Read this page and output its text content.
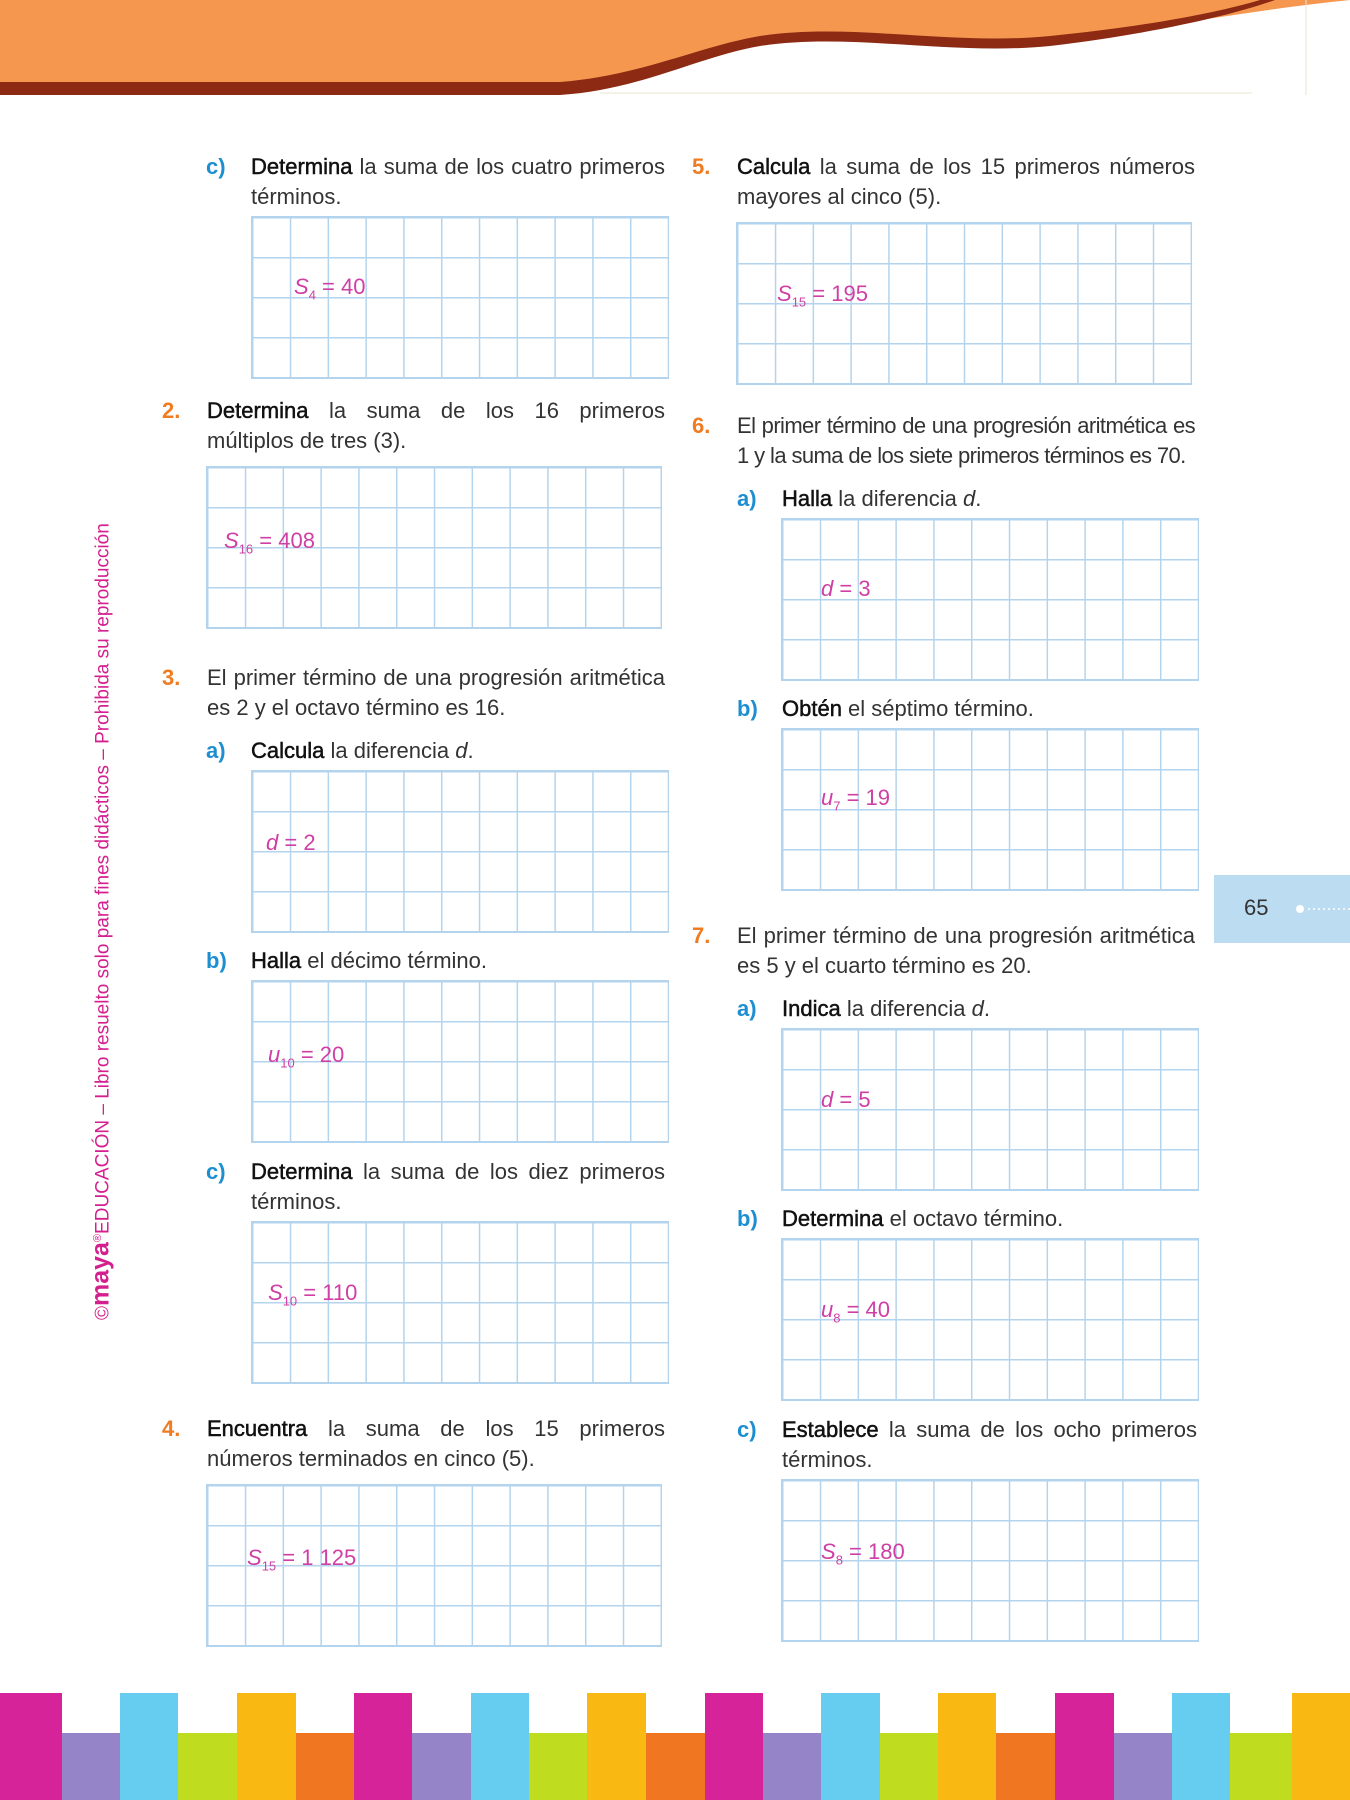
©maya®EDUCACIÓN – Libro resuelto solo para fines didácticos – Prohibida su reproducción	65
c) Determina la suma de los cuatro primeros términos.
$S_4 = 40$
2. Determina la suma de los 16 primeros múltiplos de tres (3).
$S_{16} = 408$
3. El primer término de una progresión aritmética es 2 y el octavo término es 16.
a) Calcula la diferencia d.
d = 2
b) Halla el décimo término.
$u_{10} = 20$
c) Determina la suma de los diez primeros términos.
$S_{10} = 110$
4. Encuentra la suma de los 15 primeros números terminados en cinco (5).
$S_{15} = 1$ 125
5. Calcula la suma de los 15 primeros números mayores al cinco (5).
$S_{15} = 195$
6. El primer término de una progresión aritmética es 1 y la suma de los siete primeros términos es 70.
a) Halla la diferencia d.
d = 3
b) Obtén el séptimo término.
$u_7 = 19$
7. El primer término de una progresión aritmética es 5 y el cuarto término es 20.
a) Indica la diferencia d.
d = 5
b) Determina el octavo término.
$u_8 = 40$
c) Establece la suma de los ocho primeros términos.
$S_8 = 180$
